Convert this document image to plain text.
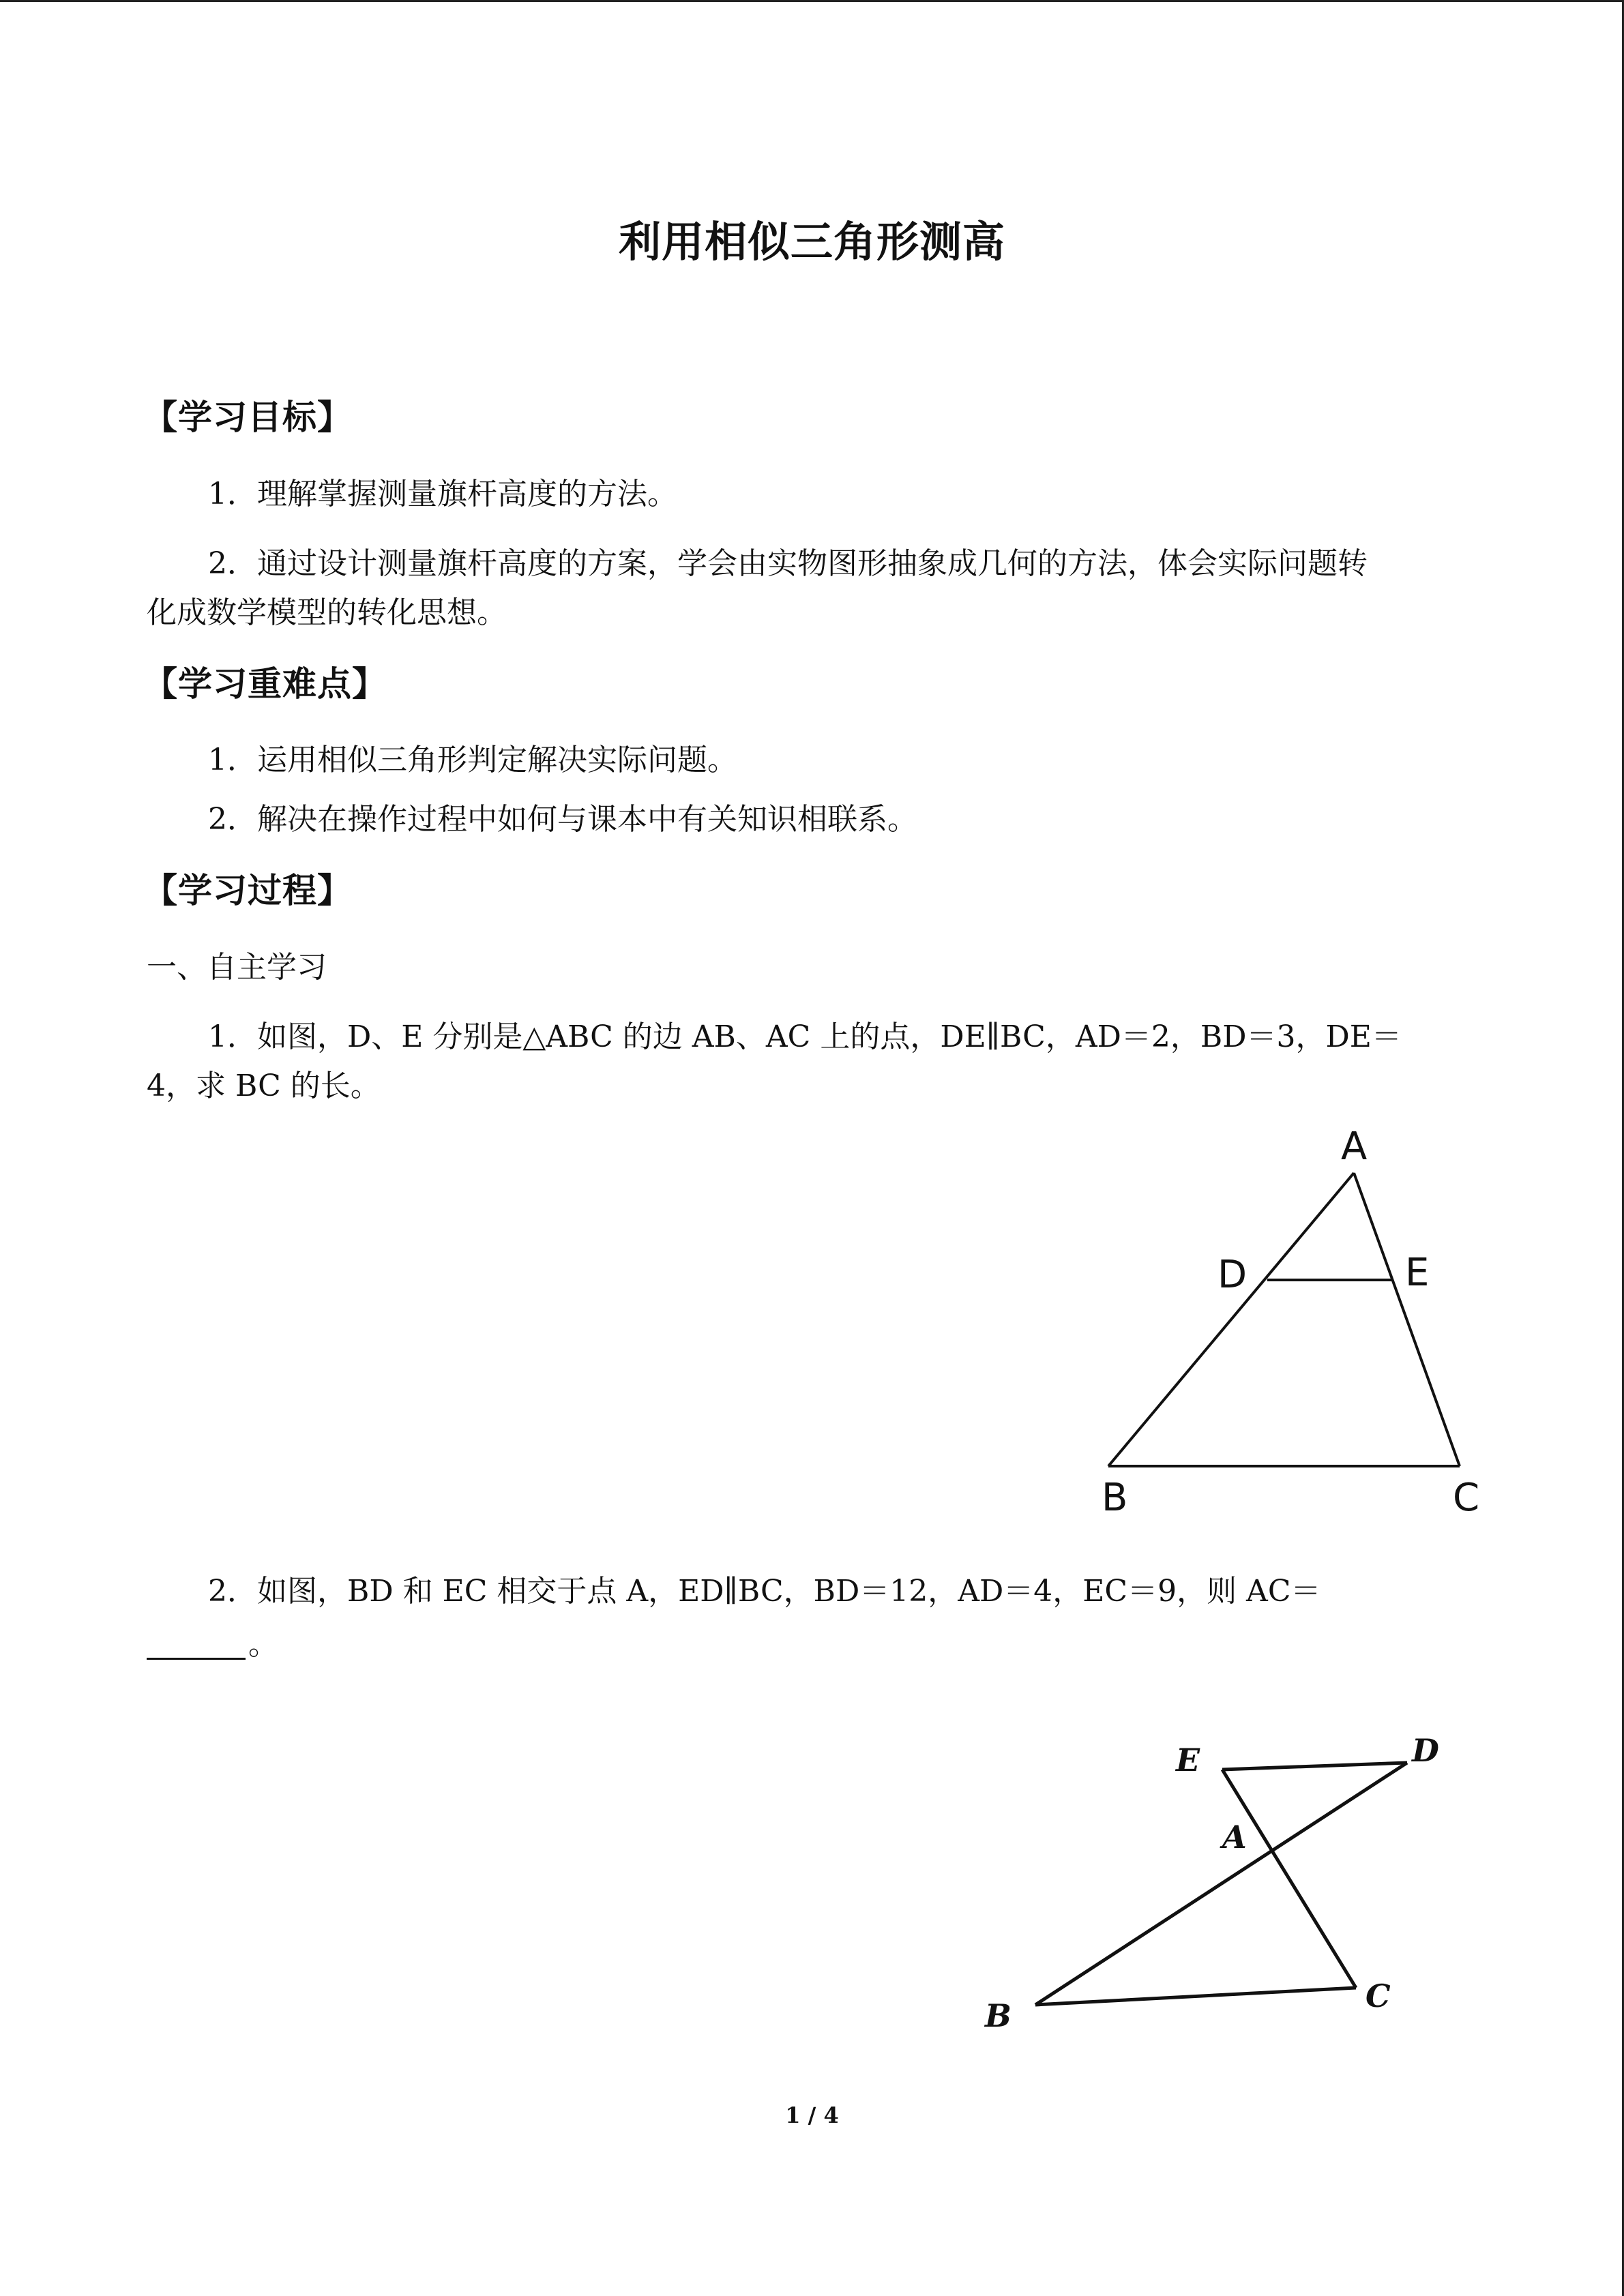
利用相似三角形测高
【学习目标】
1．理解掌握测量旗杆高度的方法。
2．通过设计测量旗杆高度的方案，学会由实物图形抽象成几何的方法，体会实际问题转
化成数学模型的转化思想。
【学习重难点】
1．运用相似三角形判定解决实际问题。
2．解决在操作过程中如何与课本中有关知识相联系。
【学习过程】
一、自主学习
1．如图，D、E 分别是△ABC 的边 AB、AC 上的点，DE∥BC，AD＝2，BD＝3，DE＝
4，求 BC 的长。
A
D	E
B	C
2．如图，BD 和 EC 相交于点 A，ED∥BC，BD＝12，AD＝4，EC＝9，则 AC＝
。
E	D
A
B
C
1 / 4
